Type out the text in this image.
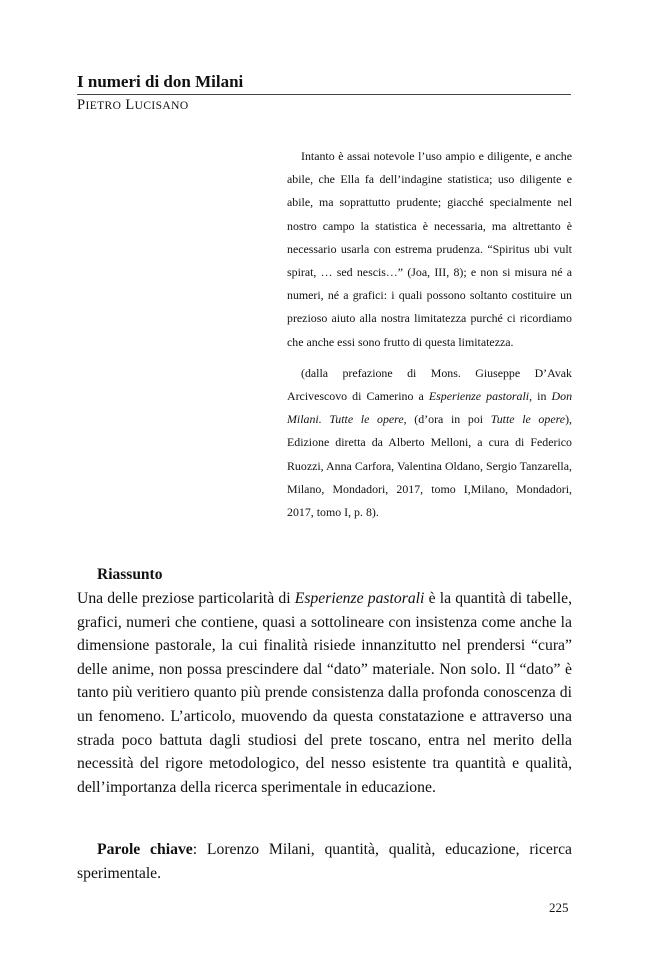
I numeri di don Milani
PIETRO LUCISANO

Intanto è assai notevole l’uso ampio e diligente, e anche abile, che Ella fa dell’indagine statistica; uso diligente e abile, ma soprattutto prudente; giacché specialmente nel nostro campo la statistica è necessaria, ma altrettanto è necessario usarla con estrema prudenza. “Spiritus ubi vult spirat, … sed nescis…” (Joa, III, 8); e non si misura né a numeri, né a grafici: i quali possono soltanto costituire un prezioso aiuto alla nostra limitatezza purché ci ricordiamo che anche essi sono frutto di questa limitatezza.

(dalla prefazione di Mons. Giuseppe D’Avak Arcivescovo di Camerino a Esperienze pastorali, in Don Milani. Tutte le opere, (d’ora in poi Tutte le opere), Edizione diretta da Alberto Melloni, a cura di Federico Ruozzi, Anna Carfora, Valentina Oldano, Sergio Tanzarella, Milano, Mondadori, 2017, tomo I,Milano, Mondadori, 2017, tomo I, p. 8).

Riassunto

Una delle preziose particolarità di Esperienze pastorali è la quantità di tabelle, grafici, numeri che contiene, quasi a sottolineare con insistenza come anche la dimensione pastorale, la cui finalità risiede innanzitutto nel prendersi “cura” delle anime, non possa prescindere dal “dato” materiale. Non solo. Il “dato” è tanto più veritiero quanto più prende consistenza dalla profonda conoscenza di un fenomeno. L’articolo, muovendo da questa constatazione e attraverso una strada poco battuta dagli studiosi del prete toscano, entra nel merito della necessità del rigore metodologico, del nesso esistente tra quantità e qualità, dell’importanza della ricerca sperimentale in educazione.

Parole chiave: Lorenzo Milani, quantità, qualità, educazione, ricerca sperimentale.

225
